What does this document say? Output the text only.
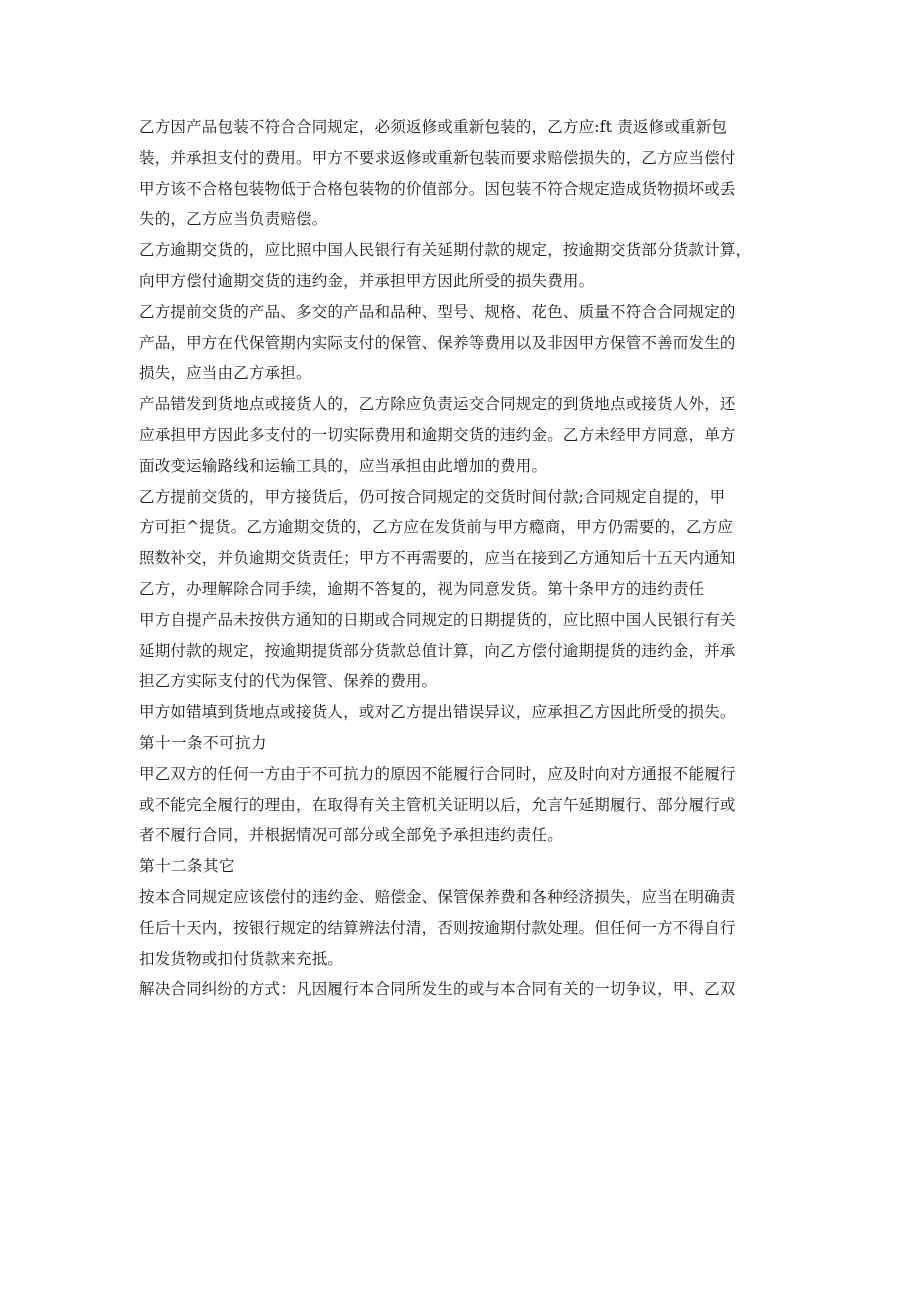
乙方因产品包装不符合合同规定，必须返修或重新包装的，乙方应:ft 责返修或重新包
装，并承担支付的费用。甲方不要求返修或重新包装而要求赔偿损失的，乙方应当偿付
甲方该不合格包装物低于合格包装物的价值部分。因包装不符合规定造成货物损坏或丢
失的，乙方应当负责赔偿。
乙方逾期交货的，应比照中国人民银行有关延期付款的规定，按逾期交货部分货款计算，
向甲方偿付逾期交货的违约金，并承担甲方因此所受的损失费用。
乙方提前交货的产品、多交的产品和品种、型号、规格、花色、质量不符合合同规定的
产品，甲方在代保管期内实际支付的保管、保养等费用以及非因甲方保管不善而发生的
损失，应当由乙方承担。
产品错发到货地点或接货人的，乙方除应负责运交合同规定的到货地点或接货人外，还
应承担甲方因此多支付的一切实际费用和逾期交货的违约金。乙方未经甲方同意，单方
面改变运输路线和运输工具的，应当承担由此增加的费用。
乙方提前交货的，甲方接货后，仍可按合同规定的交货时间付款;合同规定自提的，甲
方可拒^提货。乙方逾期交货的，乙方应在发货前与甲方瘾商，甲方仍需要的，乙方应
照数补交，并负逾期交货责任；甲方不再需要的，应当在接到乙方通知后十五天内通知
乙方，办理解除合同手续，逾期不答复的，视为同意发货。第十条甲方的违约责任
甲方自提产品未按供方通知的日期或合同规定的日期提货的，应比照中国人民银行有关
延期付款的规定，按逾期提货部分货款总值计算，向乙方偿付逾期提货的违约金，并承
担乙方实际支付的代为保管、保养的费用。
甲方如错填到货地点或接货人，或对乙方提出错误异议，应承担乙方因此所受的损失。
第十一条不可抗力
甲乙双方的任何一方由于不可抗力的原因不能履行合同时，应及时向对方通报不能履行
或不能完全履行的理由，在取得有关主管机关证明以后，允言午延期履行、部分履行或
者不履行合同，并根据情况可部分或全部免予承担违约责任。
第十二条其它
按本合同规定应该偿付的违约金、赔偿金、保管保养费和各种经济损失，应当在明确责
任后十天内，按银行规定的结算辨法付清，否则按逾期付款处理。但任何一方不得自行
扣发货物或扣付货款来充抵。
解决合同纠纷的方式：凡因履行本合同所发生的或与本合同有关的一切争议，甲、乙双
